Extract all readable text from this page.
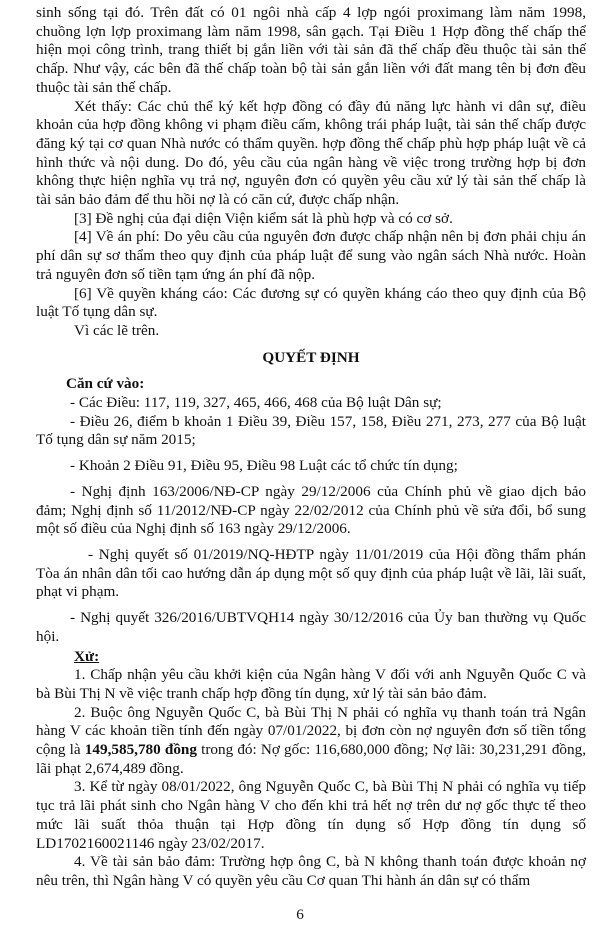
sinh sống tại đó. Trên đất có 01 ngôi nhà cấp 4 lợp ngói proximang làm năm 1998, chuồng lợn lợp proximang làm năm 1998, sân gạch. Tại Điều 1 Hợp đồng thế chấp thể hiện mọi công trình, trang thiết bị gắn liền với tài sản đã thế chấp đều thuộc tài sản thế chấp. Như vậy, các bên đã thế chấp toàn bộ tài sản gắn liền với đất mang tên bị đơn đều thuộc tài sản thế chấp.

Xét thấy: Các chủ thể ký kết hợp đồng có đầy đủ năng lực hành vi dân sự, điều khoản của hợp đồng không vi phạm điều cấm, không trái pháp luật, tài sản thế chấp được đăng ký tại cơ quan Nhà nước có thẩm quyền. hợp đồng thế chấp phù hợp pháp luật về cả hình thức và nội dung. Do đó, yêu cầu của ngân hàng về việc trong trường hợp bị đơn không thực hiện nghĩa vụ trả nợ, nguyên đơn có quyền yêu cầu xử lý tài sản thế chấp là tài sản bảo đảm để thu hồi nợ là có căn cứ, được chấp nhận.

[3] Đề nghị của đại diện Viện kiểm sát là phù hợp và có cơ sở.

[4] Về án phí: Do yêu cầu của nguyên đơn được chấp nhận nên bị đơn phải chịu án phí dân sự sơ thẩm theo quy định của pháp luật để sung vào ngân sách Nhà nước. Hoàn trả nguyên đơn số tiền tạm ứng án phí đã nộp.

[6] Về quyền kháng cáo: Các đương sự có quyền kháng cáo theo quy định của Bộ luật Tố tụng dân sự.

Vì các lẽ trên.

QUYẾT ĐỊNH

Căn cứ vào:

- Các Điều: 117, 119, 327, 465, 466, 468 của Bộ luật Dân sự;

- Điều 26, điểm b khoản 1 Điều 39, Điều 157, 158, Điều 271, 273, 277 của Bộ luật Tố tụng dân sự năm 2015;

- Khoản 2 Điều 91, Điều 95, Điều 98 Luật các tổ chức tín dụng;

- Nghị định 163/2006/NĐ-CP ngày 29/12/2006 của Chính phủ về giao dịch bảo đảm; Nghị định số 11/2012/NĐ-CP ngày 22/02/2012 của Chính phủ về sửa đổi, bổ sung một số điều của Nghị định số 163 ngày 29/12/2006.

- Nghị quyết số 01/2019/NQ-HĐTP ngày 11/01/2019 của Hội đồng thẩm phán Tòa án nhân dân tối cao hướng dẫn áp dụng một số quy định của pháp luật về lãi, lãi suất, phạt vi phạm.

- Nghị quyết 326/2016/UBTVQH14 ngày 30/12/2016 của Ủy ban thường vụ Quốc hội.

Xử:

1. Chấp nhận yêu cầu khởi kiện của Ngân hàng V đối với anh Nguyễn Quốc C và bà Bùi Thị N về việc tranh chấp hợp đồng tín dụng, xử lý tài sản bảo đảm.

2. Buộc ông Nguyễn Quốc C, bà Bùi Thị N phải có nghĩa vụ thanh toán trả Ngân hàng V các khoản tiền tính đến ngày 07/01/2022, bị đơn còn nợ nguyên đơn số tiền tổng cộng là 149,585,780 đồng trong đó: Nợ gốc: 116,680,000 đồng; Nợ lãi: 30,231,291 đồng, lãi phạt 2,674,489 đồng.

3. Kể từ ngày 08/01/2022, ông Nguyễn Quốc C, bà Bùi Thị N phải có nghĩa vụ tiếp tục trả lãi phát sinh cho Ngân hàng V cho đến khi trả hết nợ trên dư nợ gốc thực tế theo mức lãi suất thỏa thuận tại Hợp đồng tín dụng số Hợp đồng tín dụng số LD1702160021146 ngày 23/02/2017.

4. Về tài sản bảo đảm: Trường hợp ông C, bà N không thanh toán được khoản nợ nêu trên, thì Ngân hàng V có quyền yêu cầu Cơ quan Thi hành án dân sự có thẩm

6
